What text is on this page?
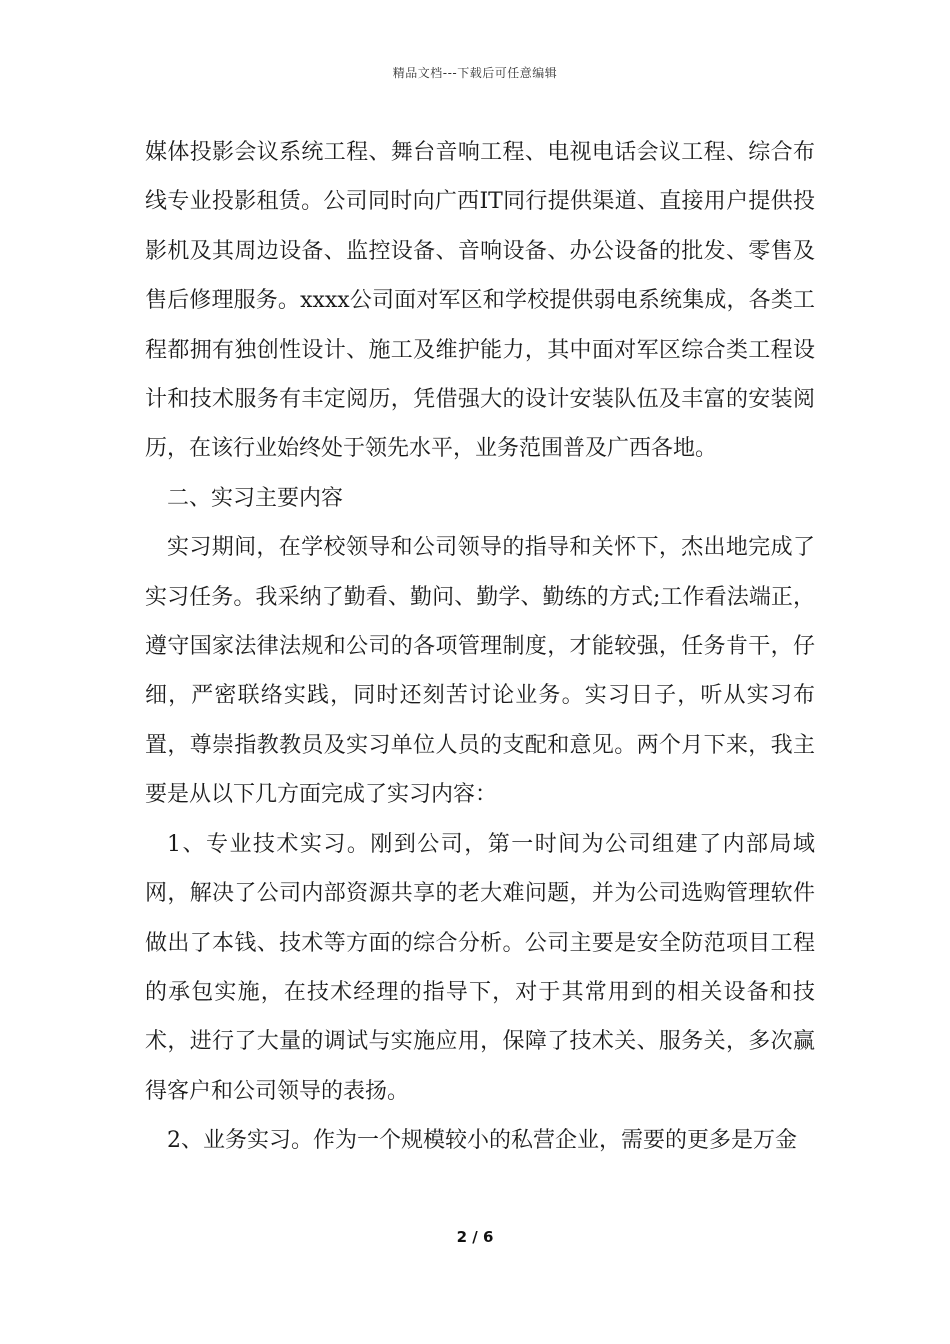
精品文档---下载后可任意编辑

媒体投影会议系统工程、舞台音响工程、电视电话会议工程、综合布线专业投影租赁。公司同时向广西IT同行提供渠道、直接用户提供投影机及其周边设备、监控设备、音响设备、办公设备的批发、零售及售后修理服务。xxxx公司面对军区和学校提供弱电系统集成，各类工程都拥有独创性设计、施工及维护能力，其中面对军区综合类工程设计和技术服务有丰定阅历，凭借强大的设计安装队伍及丰富的安装阅历，在该行业始终处于领先水平，业务范围普及广西各地。

二、实习主要内容

实习期间，在学校领导和公司领导的指导和关怀下，杰出地完成了实习任务。我采纳了勤看、勤问、勤学、勤练的方式;工作看法端正，遵守国家法律法规和公司的各项管理制度，才能较强，任务肯干，仔细，严密联络实践，同时还刻苦讨论业务。实习日子，听从实习布置，尊崇指教教员及实习单位人员的支配和意见。两个月下来，我主要是从以下几方面完成了实习内容：

1、专业技术实习。刚到公司，第一时间为公司组建了内部局域网，解决了公司内部资源共享的老大难问题，并为公司选购管理软件做出了本钱、技术等方面的综合分析。公司主要是安全防范项目工程的承包实施，在技术经理的指导下，对于其常用到的相关设备和技术，进行了大量的调试与实施应用，保障了技术关、服务关，多次赢得客户和公司领导的表扬。

2、业务实习。作为一个规模较小的私营企业，需要的更多是万金

2 / 6
